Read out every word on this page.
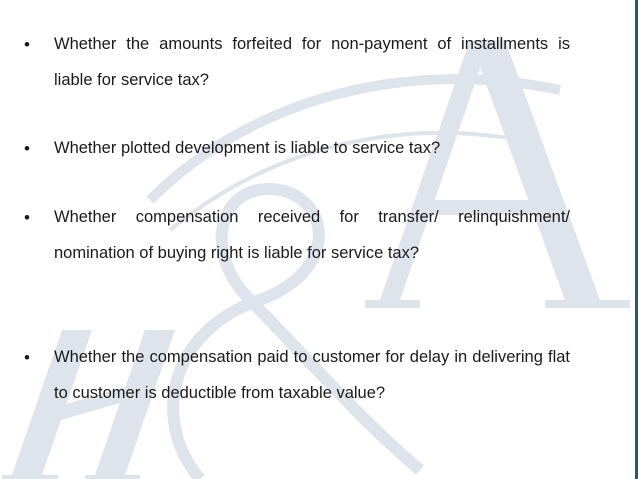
• Whether the amounts forfeited for non-payment of installments is liable for service tax?
• Whether plotted development is liable to service tax?
• Whether compensation received for transfer/ relinquishment/ nomination of buying right is liable for service tax?
• Whether the compensation paid to customer for delay in delivering flat to customer is deductible from taxable value?
